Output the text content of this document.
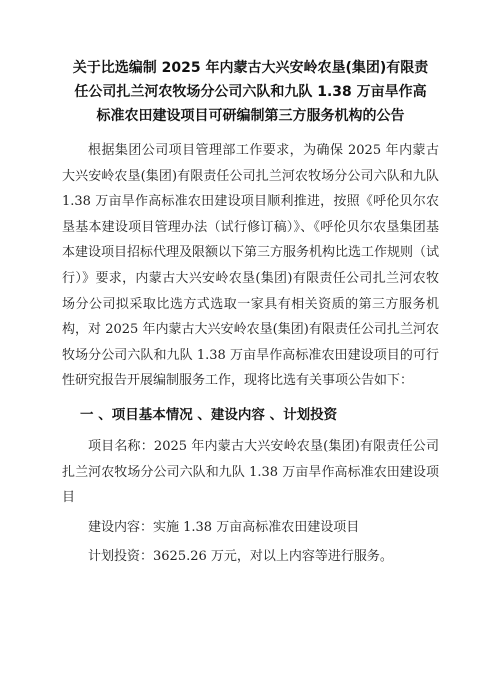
关于比选编制 2025 年内蒙古大兴安岭农垦(集团)有限责
任公司扎兰河农牧场分公司六队和九队 1.38 万亩旱作高
标准农田建设项目可研编制第三方服务机构的公告

根据集团公司项目管理部工作要求，为确保 2025 年内蒙古大兴安岭农垦(集团)有限责任公司扎兰河农牧场分公司六队和九队 1.38 万亩旱作高标准农田建设项目顺利推进，按照《呼伦贝尔农垦基本建设项目管理办法（试行修订稿）》、《呼伦贝尔农垦集团基本建设项目招标代理及限额以下第三方服务机构比选工作规则（试行）》要求，内蒙古大兴安岭农垦(集团)有限责任公司扎兰河农牧场分公司拟采取比选方式选取一家具有相关资质的第三方服务机构，对 2025 年内蒙古大兴安岭农垦(集团)有限责任公司扎兰河农牧场分公司六队和九队 1.38 万亩旱作高标准农田建设项目的可行性研究报告开展编制服务工作，现将比选有关事项公告如下：

一 、项目基本情况 、建设内容 、计划投资

项目名称：2025 年内蒙古大兴安岭农垦(集团)有限责任公司扎兰河农牧场分公司六队和九队 1.38 万亩旱作高标准农田建设项目

建设内容：实施 1.38 万亩高标准农田建设项目

计划投资：3625.26 万元，对以上内容等进行服务。
